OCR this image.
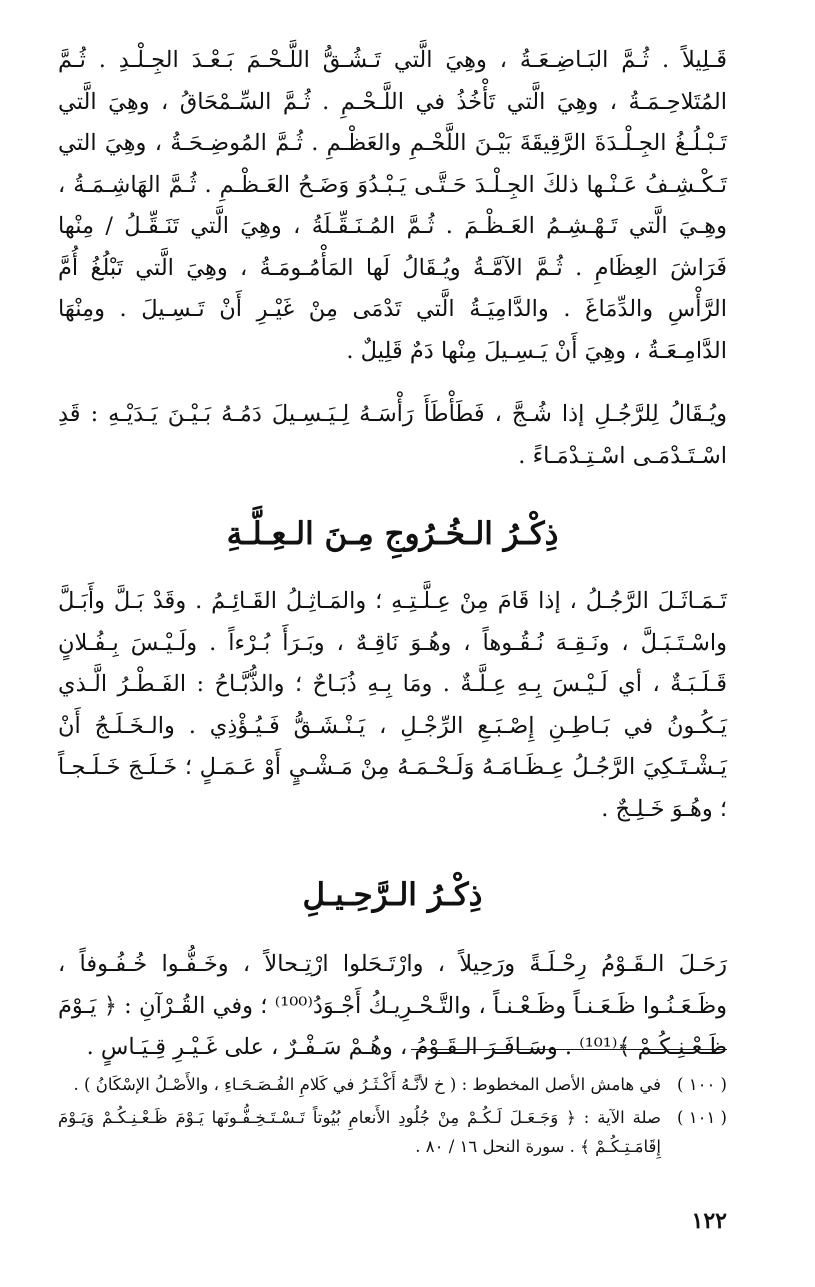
قَـلِيلاً . ثُـمَّ البَـاضِـعَـةُ ، وهِيَ الَّتي تَـشُـقُّ اللَّـحْـمَ بَـعْـدَ الجِـلْـدِ . ثُـمَّ المُتَلاحِـمَـةُ ، وهِيَ الَّتي تَأْخُذُ في اللَّـحْـمِ . ثُـمَّ السِّـمْحَاقُ ، وهِيَ الَّتي تَـبْـلُـغُ الجِـلْـدَةَ الرَّقِيقَةَ بَيْـنَ اللَّحْـمِ والعَظْـمِ . ثُـمَّ المُوضِـحَـةُ ، وهِيَ التي تَـكْـشِـفُ عَـنْـها ذلكَ الجِـلْـدَ حَـتَّـى يَـبْـدُوَ وَضَـحُ العَـظْـمِ . ثُـمَّ الهَاشِـمَـةُ ، وهِـيَ الَّتي تَـهْـشِـمُ العَـظْـمَ . ثُـمَّ المُـنَـقِّـلَةُ ، وهِيَ الَّتي تَنَـقِّـلُ / مِنْها فَرَاشَ العِظَامِ . ثُـمَّ الآمَّـةُ ويُـقَالُ لَها المَأْمُـومَـةُ ، وهِيَ الَّتي تَبْلُغُ أُمَّ الرَّأْسِ والدِّمَاغَ . والدَّامِيَـةُ الَّتي تَدْمَى مِنْ غَيْـرِ أَنْ تَـسِـيلَ . ومِنْهَا الدَّامِـعَـةُ ، وهِيَ أَنْ يَـسِـيلَ مِنْها دَمٌ قَلِيلٌ .

ويُـقَالُ لِلرَّجُـلِ إذا شُـجَّ ، فَطَأْطَأَ رَأْسَـهُ لِـيَـسِـيلَ دَمُـهُ بَـيْـنَ يَـدَيْـهِ : قَدِ اسْـتَـدْمَـى اسْـتِـدْمَـاءً .

ذِكْـرُ الـخُـرُوجِ مِـنَ الـعِـلَّـةِ

تَـمَـاثَـلَ الرَّجُـلُ ، إذا قَامَ مِنْ عِـلَّـتِـهِ ؛ والمَـاثِـلُ القَـائِـمُ . وقَدْ بَـلَّ وأَبَـلَّ واسْـتَـبَـلَّ ، ونَـقِـهَ نُـقُـوهاً ، وهُـوَ نَاقِـهٌ ، وبَـرَأَ بُـرْءاً . ولَـيْـسَ بِـفُـلانٍ قَـلَـبَـةٌ ، أي لَـيْـسَ بِـهِ عِـلَّـةٌ . ومَا بِـهِ ذُبَـاحٌ ؛ والذُّبَّـاحُ : الفَـطْـرُ الَّـذي يَـكُـونُ في بَـاطِـنِ إِصْـبَـعِ الرِّجْـلِ ، يَـنْـشَـقُّ فَـيُـؤْذِي . والـخَـلَـجُ أَنْ يَـشْـتَـكِيَ الرَّجُـلُ عِـظَـامَـهُ وَلَـحْـمَـهُ مِنْ مَـشْـيٍ أَوْ عَـمَـلٍ ؛ خَـلَـجَ خَـلَـجـاً ؛ وهُـوَ خَـلِـجٌ .

ذِكْـرُ الـرَّحِـيـلِ

رَحَـلَ الـقَـوْمُ رِحْـلَـةً ورَحِيلاً ، وارْتَـحَلوا ارْتِـحالاً ، وخَـفُّـوا خُـفُـوفاً ، وظَـعَـنُـوا ظَـعَـنـاً وظَـعْـنـاً ، والتَّـحْـرِيـكُ أَجْـوَدُ⁽¹⁰⁰⁾ ؛ وفي القُـرْآنِ : ﴿ يَـوْمَ ظَـعْـنِـكُـمْ ﴾⁽¹⁰¹⁾ . وسَـافَـرَ الـقَـوْمُ ، وهُـمْ سَـفْـرٌ ، على غَـيْـرِ قِـيَـاسٍ .

( ١٠٠ )
في هامش الأصل المخطوط : ( خ لأنَّـهُ أَكْـثَـرُ في كَلامِ الفُـصَـحَـاءِ ، والأَصْـلُ الإسْكَانُ ) .
( ١٠١ )
صلة الآية : ﴿ وَجَـعَـلَ لَـكُـمْ مِنْ جُلُودِ الأَنعامِ بُيُوتاً تَـسْـتَـخِـفُّـونَها يَـوْمَ ظَـعْـنِـكُـمْ وَيَـوْمَ إِقَامَـتِـكُـمْ ﴾ . سورة النحل ١٦ / ٨٠ .
١٢٢
